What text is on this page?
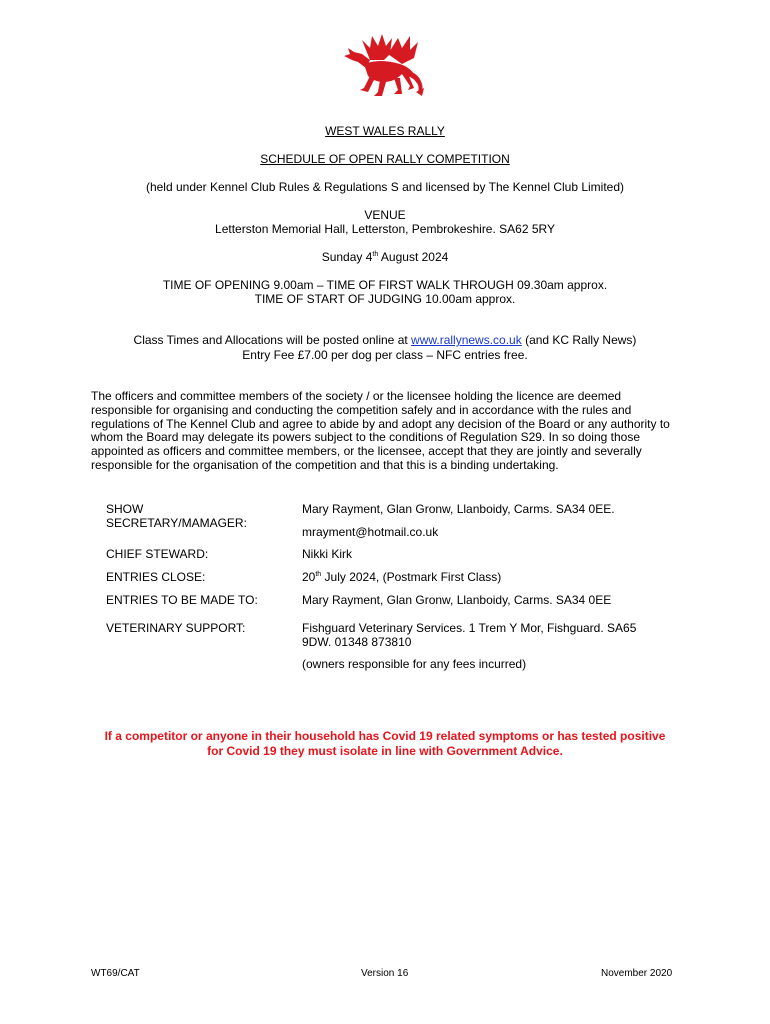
WEST WALES RALLY
SCHEDULE OF OPEN RALLY COMPETITION
(held under Kennel Club Rules & Regulations S and licensed by The Kennel Club Limited)
VENUE
Letterston Memorial Hall, Letterston, Pembrokeshire. SA62 5RY
Sunday 4th August 2024
TIME OF OPENING 9.00am – TIME OF FIRST WALK THROUGH 09.30am approx.
TIME OF START OF JUDGING 10.00am approx.
Class Times and Allocations will be posted online at www.rallynews.co.uk (and KC Rally News)
Entry Fee £7.00 per dog per class – NFC entries free.
The officers and committee members of the society / or the licensee holding the licence are deemed responsible for organising and conducting the competition safely and in accordance with the rules and regulations of The Kennel Club and agree to abide by and adopt any decision of the Board or any authority to whom the Board may delegate its powers subject to the conditions of Regulation S29. In so doing those appointed as officers and committee members, or the licensee, accept that they are jointly and severally responsible for the organisation of the competition and that this is a binding undertaking.
SHOW
SECRETARY/MAMAGER:
Mary Rayment, Glan Gronw, Llanboidy, Carms. SA34 0EE.
mrayment@hotmail.co.uk
CHIEF STEWARD:	Nikki Kirk
ENTRIES CLOSE:	20th July 2024, (Postmark First Class)
ENTRIES TO BE MADE TO:	Mary Rayment, Glan Gronw, Llanboidy, Carms. SA34 0EE
VETERINARY SUPPORT:	Fishguard Veterinary Services. 1 Trem Y Mor, Fishguard. SA65
9DW. 01348 873810
(owners responsible for any fees incurred)
If a competitor or anyone in their household has Covid 19 related symptoms or has tested positive
for Covid 19 they must isolate in line with Government Advice.
WT69/CAT	Version 16	November 2020
